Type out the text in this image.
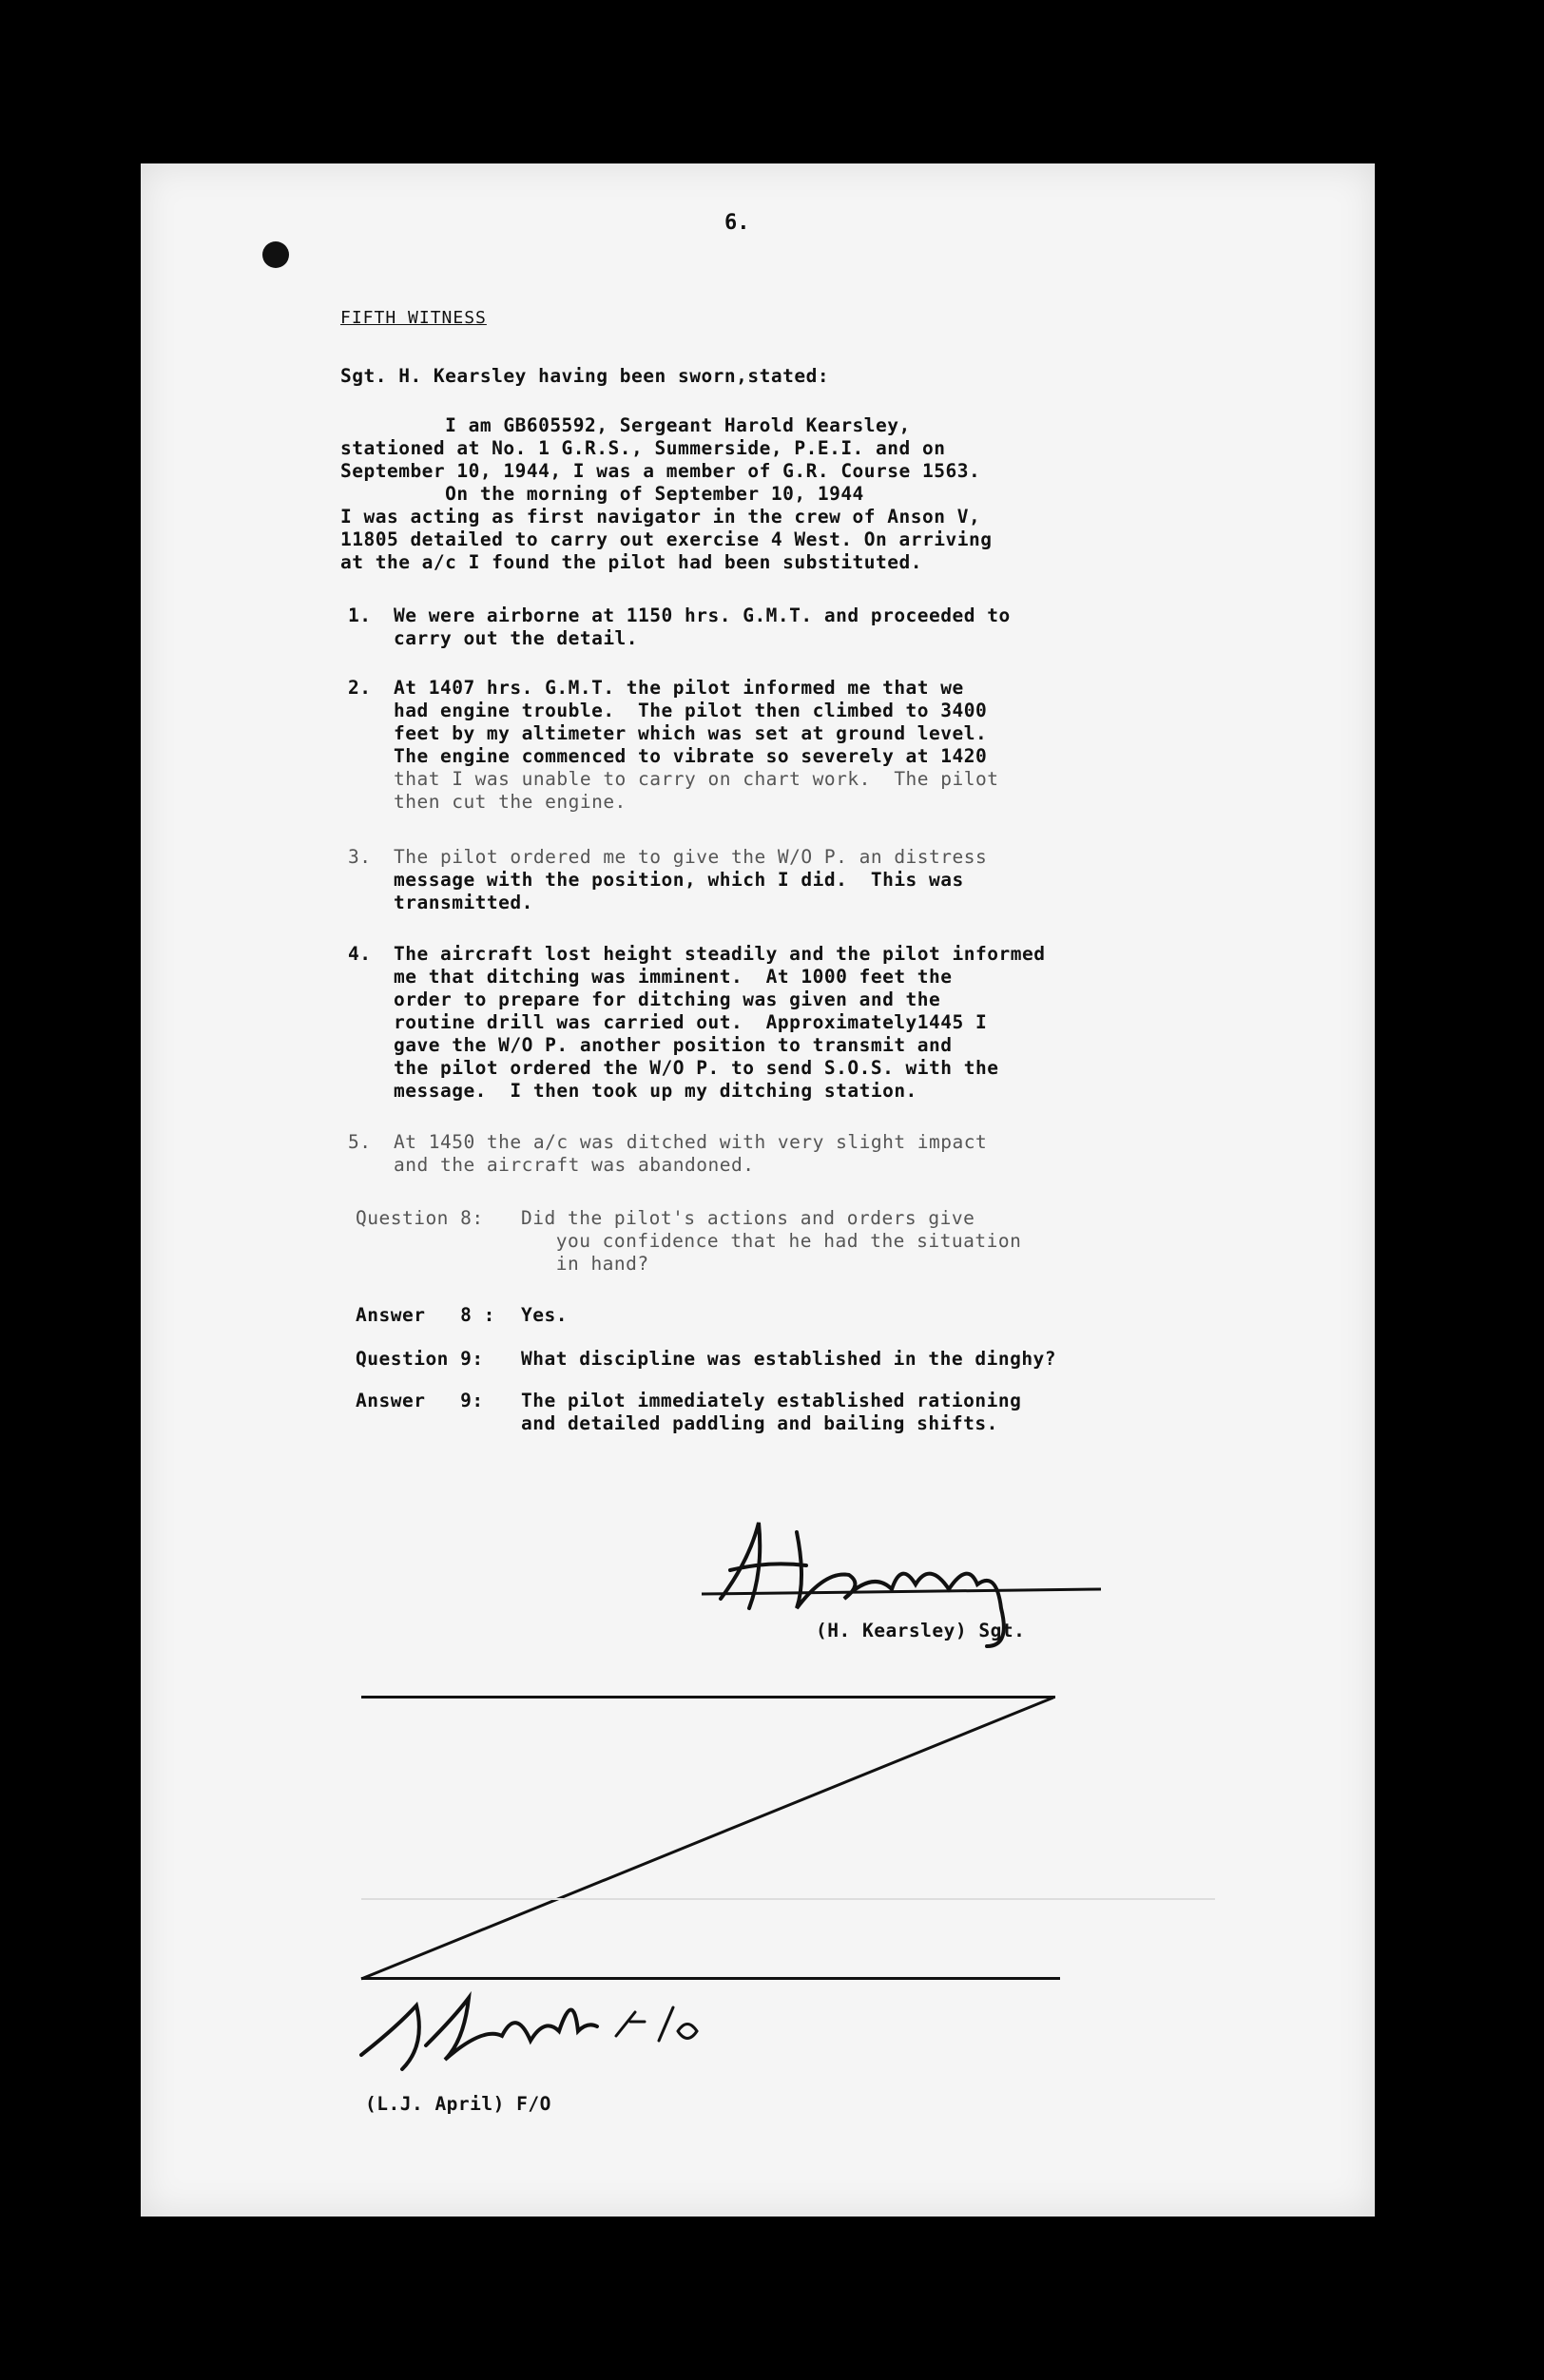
6.
FIFTH WITNESS
Sgt. H. Kearsley having been sworn,stated:
I am GB605592, Sergeant Harold Kearsley,
stationed at No. 1 G.R.S., Summerside, P.E.I. and on
September 10, 1944, I was a member of G.R. Course 1563.
On the morning of September 10, 1944
I was acting as first navigator in the crew of Anson V,
11805 detailed to carry out exercise 4 West. On arriving
at the a/c I found the pilot had been substituted.
1. We were airborne at 1150 hrs. G.M.T. and proceeded to
carry out the detail.
2. At 1407 hrs. G.M.T. the pilot informed me that we
had engine trouble.  The pilot then climbed to 3400
feet by my altimeter which was set at ground level.
The engine commenced to vibrate so severely at 1420
that I was unable to carry on chart work.  The pilot
then cut the engine.
3. The pilot ordered me to give the W/O P. an distress
message with the position, which I did.  This was
transmitted.
4. The aircraft lost height steadily and the pilot informed
me that ditching was imminent.  At 1000 feet the
order to prepare for ditching was given and the
routine drill was carried out.  Approximately1445 I
gave the W/O P. another position to transmit and
the pilot ordered the W/O P. to send S.O.S. with the
message.  I then took up my ditching station.
5. At 1450 the a/c was ditched with very slight impact
and the aircraft was abandoned.
Question 8: Did the pilot's actions and orders give
you confidence that he had the situation
in hand?
Answer   8 : Yes.
Question 9: What discipline was established in the dinghy?
Answer   9: The pilot immediately established rationing
and detailed paddling and bailing shifts.
(H. Kearsley) Sgt.
(L.J. April) F/O
